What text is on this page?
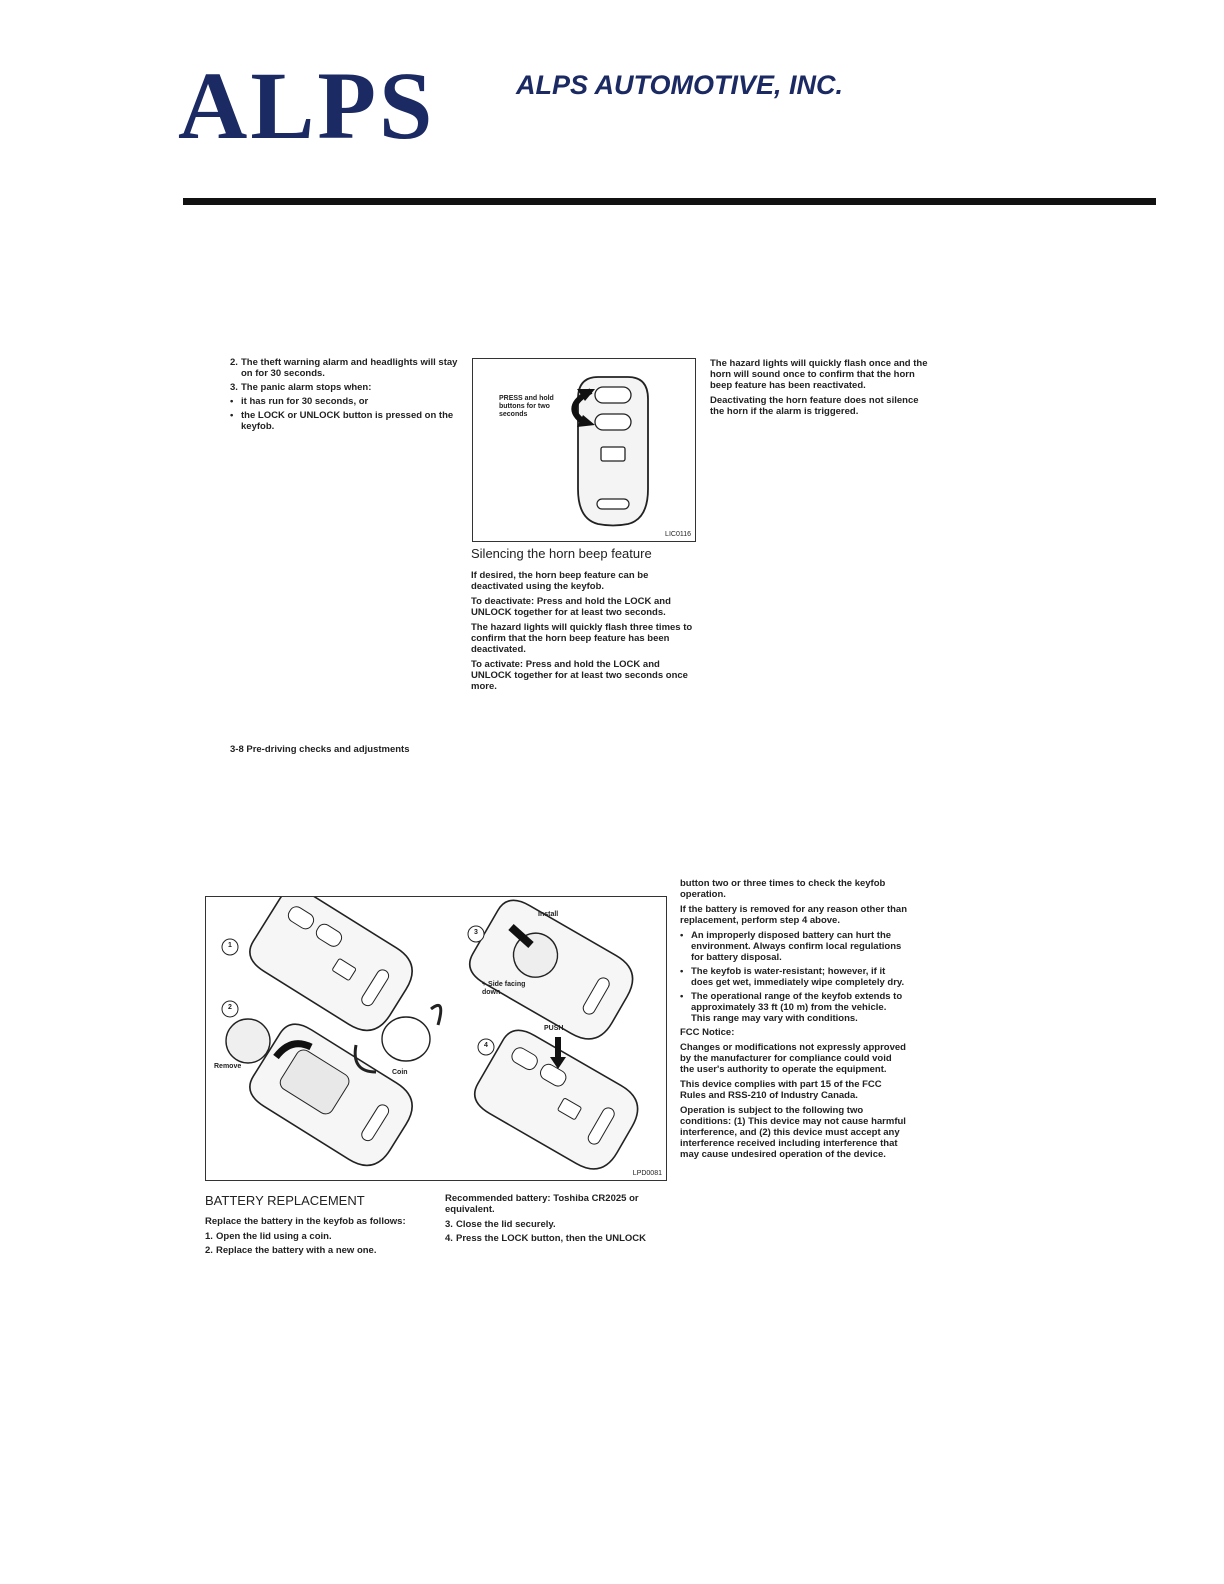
ALPS	ALPS AUTOMOTIVE, INC.
2. The theft warning alarm and headlights will stay on for 30 seconds.
3. The panic alarm stops when:
• it has run for 30 seconds, or
• the LOCK or UNLOCK button is pressed on the keyfob.
PRESS and hold buttons for two seconds
LIC0116
Silencing the horn beep feature

If desired, the horn beep feature can be deactivated using the keyfob.

To deactivate: Press and hold the LOCK and UNLOCK together for at least two seconds.

The hazard lights will quickly flash three times to confirm that the horn beep feature has been deactivated.

To activate: Press and hold the LOCK and UNLOCK together for at least two seconds once more.

The hazard lights will quickly flash once and the horn will sound once to confirm that the horn beep feature has been reactivated.

Deactivating the horn feature does not silence the horn if the alarm is triggered.

3-8 Pre-driving checks and adjustments
1
2
3
4
Remove
Coin
Install
+ Side facing down
PUSH
LPD0081
BATTERY REPLACEMENT

Replace the battery in the keyfob as follows:

1. Open the lid using a coin.
2. Replace the battery with a new one.

Recommended battery: Toshiba CR2025 or equivalent.

3. Close the lid securely.
4. Press the LOCK button, then the UNLOCK

button two or three times to check the keyfob operation.

If the battery is removed for any reason other than replacement, perform step 4 above.

• An improperly disposed battery can hurt the environment. Always confirm local regulations for battery disposal.
• The keyfob is water-resistant; however, if it does get wet, immediately wipe completely dry.
• The operational range of the keyfob extends to approximately 33 ft (10 m) from the vehicle. This range may vary with conditions.

FCC Notice:

Changes or modifications not expressly approved by the manufacturer for compliance could void the user's authority to operate the equipment.

This device complies with part 15 of the FCC Rules and RSS-210 of Industry Canada.

Operation is subject to the following two conditions: (1) This device may not cause harmful interference, and (2) this device must accept any interference received including interference that may cause undesired operation of the device.
